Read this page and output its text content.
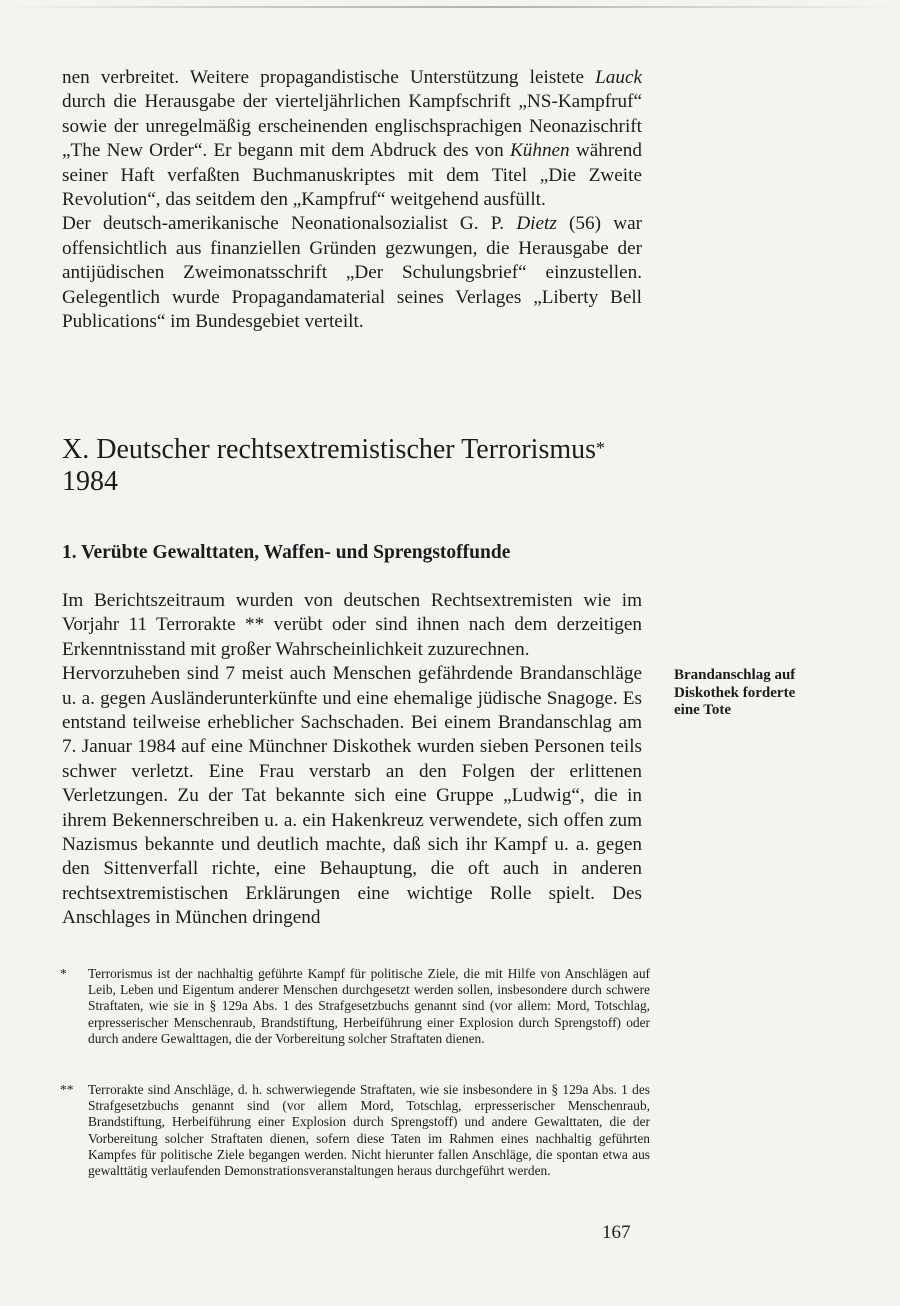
nen verbreitet. Weitere propagandistische Unterstützung leistete Lauck durch die Herausgabe der vierteljährlichen Kampfschrift „NS-Kampfruf“ sowie der unregelmäßig erscheinenden englischsprachigen Neonazischrift „The New Order“. Er begann mit dem Abdruck des von Kühnen während seiner Haft verfaßten Buchmanuskriptes mit dem Titel „Die Zweite Revolution“, das seitdem den „Kampfruf“ weitgehend ausfüllt.

Der deutsch-amerikanische Neonationalsozialist G. P. Dietz (56) war offensichtlich aus finanziellen Gründen gezwungen, die Herausgabe der antijüdischen Zweimonatsschrift „Der Schulungsbrief“ einzustellen. Gelegentlich wurde Propagandamaterial seines Verlages „Liberty Bell Publications“ im Bundesgebiet verteilt.

X. Deutscher rechtsextremistischer Terrorismus*
1984
1. Verübte Gewalttaten, Waffen- und Sprengstoffunde

Im Berichtszeitraum wurden von deutschen Rechtsextremisten wie im Vorjahr 11 Terrorakte ** verübt oder sind ihnen nach dem derzeitigen Erkenntnisstand mit großer Wahrscheinlichkeit zuzurechnen.

Hervorzuheben sind 7 meist auch Menschen gefährdende Brandanschläge u. a. gegen Ausländerunterkünfte und eine ehemalige jüdische Snagoge. Es entstand teilweise erheblicher Sachschaden. Bei einem Brandanschlag am 7. Januar 1984 auf eine Münchner Diskothek wurden sieben Personen teils schwer verletzt. Eine Frau verstarb an den Folgen der erlittenen Verletzungen. Zu der Tat bekannte sich eine Gruppe „Ludwig“, die in ihrem Bekennerschreiben u. a. ein Hakenkreuz verwendete, sich offen zum Nazismus bekannte und deutlich machte, daß sich ihr Kampf u. a. gegen den Sittenverfall richte, eine Behauptung, die oft auch in anderen rechtsextremistischen Erklärungen eine wichtige Rolle spielt. Des Anschlages in München dringend

Brandanschlag auf Diskothek forderte eine Tote

* Terrorismus ist der nachhaltig geführte Kampf für politische Ziele, die mit Hilfe von Anschlägen auf Leib, Leben und Eigentum anderer Menschen durchgesetzt werden sollen, insbesondere durch schwere Straftaten, wie sie in § 129a Abs. 1 des Strafgesetzbuchs genannt sind (vor allem: Mord, Totschlag, erpresserischer Menschenraub, Brandstiftung, Herbeiführung einer Explosion durch Sprengstoff) oder durch andere Gewalttagen, die der Vorbereitung solcher Straftaten dienen.

** Terrorakte sind Anschläge, d. h. schwerwiegende Straftaten, wie sie insbesondere in § 129a Abs. 1 des Strafgesetzbuchs genannt sind (vor allem Mord, Totschlag, erpresserischer Menschenraub, Brandstiftung, Herbeiführung einer Explosion durch Sprengstoff) und andere Gewalttaten, die der Vorbereitung solcher Straftaten dienen, sofern diese Taten im Rahmen eines nachhaltig geführten Kampfes für politische Ziele begangen werden. Nicht hierunter fallen Anschläge, die spontan etwa aus gewalttätig verlaufenden Demonstrationsveranstaltungen heraus durchgeführt werden.

167
